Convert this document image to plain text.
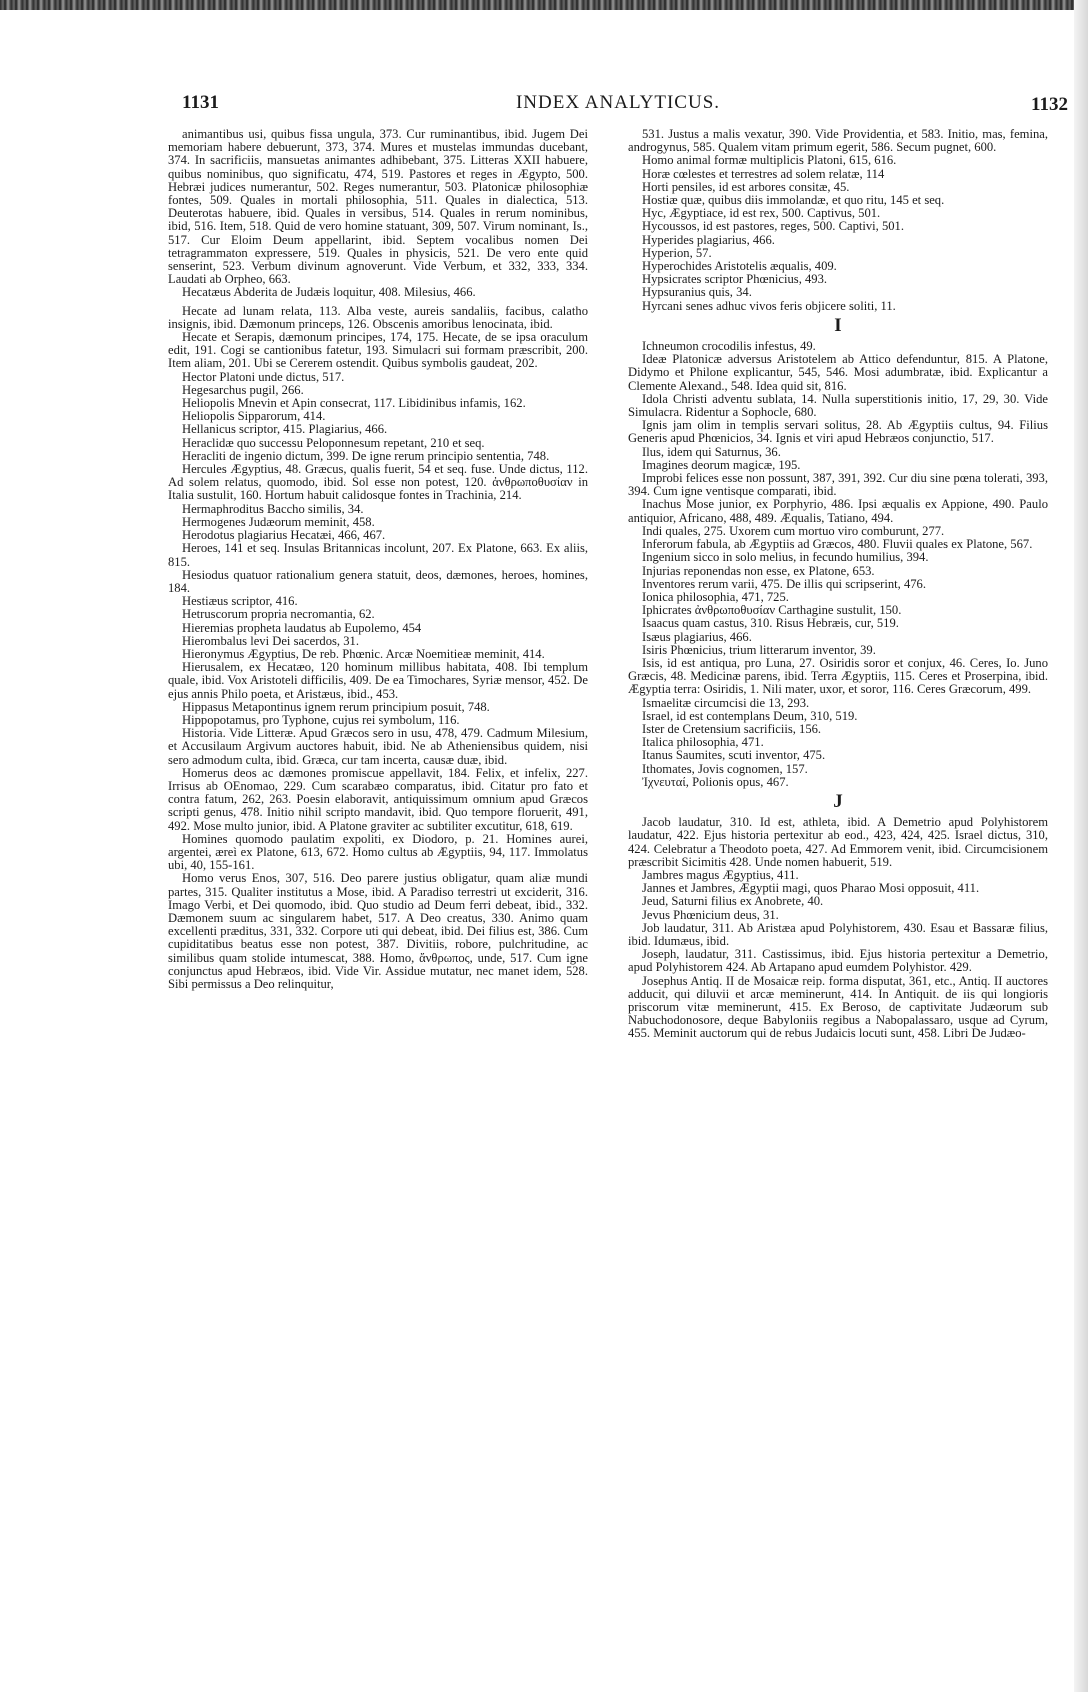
1131	INDEX ANALYTICUS.	1132

animantibus usi, quibus fissa ungula, 373. Cur ruminantibus, ibid. Jugem Dei memoriam habere debuerunt, 373, 374. Mures et mustelas immundas ducebant, 374. In sacrificiis, mansuetas animantes adhibebant, 375. Litteras XXII habuere, quibus nominibus, quo significatu, 474, 519. Pastores et reges in Ægypto, 500. Hebræi judices numerantur, 502. Reges numerantur, 503. Platonicæ philosophiæ fontes, 509. Quales in mortali philosophia, 511. Quales in dialectica, 513. Deuterotas habuere, ibid. Quales in versibus, 514. Quales in rerum nominibus, ibid, 516. Item, 518. Quid de vero homine statuant, 309, 507. Virum nominant, Is., 517. Cur Eloim Deum appellarint, ibid. Septem vocalibus nomen Dei tetragrammaton expressere, 519. Quales in physicis, 521. De vero ente quid senserint, 523. Verbum divinum agnoverunt. Vide Verbum, et 332, 333, 334. Laudati ab Orpheo, 663.

Hecatæus Abderita de Judæis loquitur, 408. Milesius, 466.

Hecate ad lunam relata, 113. Alba veste, aureis sandaliis, facibus, calatho insignis, ibid. Dæmonum princeps, 126. Obscenis amoribus lenocinata, ibid.

Hecate et Serapis, dæmonum principes, 174, 175. Hecate, de se ipsa oraculum edit, 191. Cogi se cantionibus fatetur, 193. Simulacri sui formam præscribit, 200. Item aliam, 201. Ubi se Cererem ostendit. Quibus symbolis gaudeat, 202.

Hector Platoni unde dictus, 517.

Hegesarchus pugil, 266.

Heliopolis Mnevin et Apin consecrat, 117. Libidinibus infamis, 162.

Heliopolis Sipparorum, 414.

Hellanicus scriptor, 415. Plagiarius, 466.

Heraclidæ quo successu Peloponnesum repetant, 210 et seq.

Heracliti de ingenio dictum, 399. De igne rerum principio sententia, 748.

Hercules Ægyptius, 48. Græcus, qualis fuerit, 54 et seq. fuse. Unde dictus, 112. Ad solem relatus, quomodo, ibid. Sol esse non potest, 120. ἀνθρωποθυσίαν in Italia sustulit, 160. Hortum habuit calidosque fontes in Trachinia, 214.

Hermaphroditus Baccho similis, 34.

Hermogenes Judæorum meminit, 458.

Herodotus plagiarius Hecatæi, 466, 467.

Heroes, 141 et seq. Insulas Britannicas incolunt, 207. Ex Platone, 663. Ex aliis, 815.

Hesiodus quatuor rationalium genera statuit, deos, dæmones, heroes, homines, 184.

Hestiæus scriptor, 416.

Hetruscorum propria necromantia, 62.

Hieremias propheta laudatus ab Eupolemo, 454

Hierombalus levi Dei sacerdos, 31.

Hieronymus Ægyptius, De reb. Phœnic. Arcæ Noemitieæ meminit, 414.

Hierusalem, ex Hecatæo, 120 hominum millibus habitata, 408. Ibi templum quale, ibid. Vox Aristoteli difficilis, 409. De ea Timochares, Syriæ mensor, 452. De ejus annis Philo poeta, et Aristæus, ibid., 453.

Hippasus Metapontinus ignem rerum principium posuit, 748.

Hippopotamus, pro Typhone, cujus rei symbolum, 116.

Historia. Vide Litteræ. Apud Græcos sero in usu, 478, 479. Cadmum Milesium, et Accusilaum Argivum auctores habuit, ibid. Ne ab Atheniensibus quidem, nisi sero admodum culta, ibid. Græca, cur tam incerta, causæ duæ, ibid.

Homerus deos ac dæmones promiscue appellavit, 184. Felix, et infelix, 227. Irrisus ab OEnomao, 229. Cum scarabæo comparatus, ibid. Citatur pro fato et contra fatum, 262, 263. Poesin elaboravit, antiquissimum omnium apud Græcos scripti genus, 478. Initio nihil scripto mandavit, ibid. Quo tempore floruerit, 491, 492. Mose multo junior, ibid. A Platone graviter ac subtiliter excutitur, 618, 619.

Homines quomodo paulatim expoliti, ex Diodoro, p. 21. Homines aurei, argentei, æreì ex Platone, 613, 672. Homo cultus ab Ægyptiis, 94, 117. Immolatus ubi, 40, 155-161.

Homo verus Enos, 307, 516. Deo parere justius obligatur, quam aliæ mundi partes, 315. Qualiter institutus a Mose, ibid. A Paradiso terrestri ut exciderit, 316. Imago Verbi, et Dei quomodo, ibid. Quo studio ad Deum ferri debeat, ibid., 332. Dæmonem suum ac singularem habet, 517. A Deo creatus, 330. Animo quam excellenti præditus, 331, 332. Corpore uti qui debeat, ibid. Dei filius est, 386. Cum cupiditatibus beatus esse non potest, 387. Divitiis, robore, pulchritudine, ac similibus quam stolide intumescat, 388. Homo, ἄνθρωπος, unde, 517. Cum igne conjunctus apud Hebræos, ibid. Vide Vir. Assidue mutatur, nec manet idem, 528. Sibi permissus a Deo relinquitur,

531. Justus a malis vexatur, 390. Vide Providentia, et 583. Initio, mas, femina, androgynus, 585. Qualem vitam primum egerit, 586. Secum pugnet, 600.

Homo animal formæ multiplicis Platoni, 615, 616.

Horæ cœlestes et terrestres ad solem relatæ, 114

Horti pensiles, id est arbores consitæ, 45.

Hostiæ quæ, quibus diis immolandæ, et quo ritu, 145 et seq.

Hyc, Ægyptiace, id est rex, 500. Captivus, 501.

Hycoussos, id est pastores, reges, 500. Captivi, 501.

Hyperides plagiarius, 466.

Hyperion, 57.

Hyperochides Aristotelis æqualis, 409.

Hypsicrates scriptor Phœnicius, 493.

Hypsuranius quis, 34.

Hyrcani senes adhuc vivos feris objicere soliti, 11.

I

Ichneumon crocodilis infestus, 49.

Ideæ Platonicæ adversus Aristotelem ab Attico defenduntur, 815. A Platone, Didymo et Philone explicantur, 545, 546. Mosi adumbratæ, ibid. Explicantur a Clemente Alexand., 548. Idea quid sit, 816.

Idola Christi adventu sublata, 14. Nulla superstitionis initio, 17, 29, 30. Vide Simulacra. Ridentur a Sophocle, 680.

Ignis jam olim in templis servari solitus, 28. Ab Ægyptiis cultus, 94. Filius Generis apud Phœnicios, 34. Ignis et viri apud Hebræos conjunctio, 517.

Ilus, idem qui Saturnus, 36.

Imagines deorum magicæ, 195.

Improbi felices esse non possunt, 387, 391, 392. Cur diu sine pœna tolerati, 393, 394. Cum igne ventisque comparati, ibid.

Inachus Mose junior, ex Porphyrio, 486. Ipsi æqualis ex Appione, 490. Paulo antiquior, Africano, 488, 489. Æqualis, Tatiano, 494.

Indi quales, 275. Uxorem cum mortuo viro comburunt, 277.

Inferorum fabula, ab Ægyptiis ad Græcos, 480. Fluvii quales ex Platone, 567.

Ingenium sicco in solo melius, in fecundo humilius, 394.

Injurias reponendas non esse, ex Platone, 653.

Inventores rerum varii, 475. De illis qui scripserint, 476.

Ionica philosophia, 471, 725.

Iphicrates ἀνθρωποθυσίαν Carthagine sustulit, 150.

Isaacus quam castus, 310. Risus Hebræis, cur, 519.

Isæus plagiarius, 466.

Isiris Phœnicius, trium litterarum inventor, 39.

Isis, id est antiqua, pro Luna, 27. Osiridis soror et conjux, 46. Ceres, Io. Juno Græcis, 48. Medicinæ parens, ibid. Terra Ægyptiis, 115. Ceres et Proserpina, ibid. Ægyptia terra: Osiridis, 1. Nili mater, uxor, et soror, 116. Ceres Græcorum, 499.

Ismaelitæ circumcisi die 13, 293.

Israel, id est contemplans Deum, 310, 519.

Ister de Cretensium sacrificiis, 156.

Italica philosophia, 471.

Itanus Saumites, scuti inventor, 475.

Ithomates, Jovis cognomen, 157.

Ἰχνευταί, Polionis opus, 467.

J

Jacob laudatur, 310. Id est, athleta, ibid. A Demetrio apud Polyhistorem laudatur, 422. Ejus historia pertexitur ab eod., 423, 424, 425. Israel dictus, 310, 424. Celebratur a Theodoto poeta, 427. Ad Emmorem venit, ibid. Circumcisionem præscribit Sicimitis 428. Unde nomen habuerit, 519.

Jambres magus Ægyptius, 411.

Jannes et Jambres, Ægyptii magi, quos Pharao Mosi opposuit, 411.

Jeud, Saturni filius ex Anobrete, 40.

Jevus Phœnicium deus, 31.

Job laudatur, 311. Ab Aristæa apud Polyhistorem, 430. Esau et Bassaræ filius, ibid. Idumæus, ibid.

Joseph, laudatur, 311. Castissimus, ibid. Ejus historia pertexitur a Demetrio, apud Polyhistorem 424. Ab Artapano apud eumdem Polyhistor. 429.

Josephus Antiq. II de Mosaicæ reip. forma disputat, 361, etc., Antiq. II auctores adducit, qui diluvii et arcæ meminerunt, 414. In Antiquit. de iis qui longioris priscorum vitæ meminerunt, 415. Ex Beroso, de captivitate Judæorum sub Nabuchodonosore, deque Babyloniis regibus a Nabopalassaro, usque ad Cyrum, 455. Meminit auctorum qui de rebus Judaicis locuti sunt, 458. Libri De Judæo-
